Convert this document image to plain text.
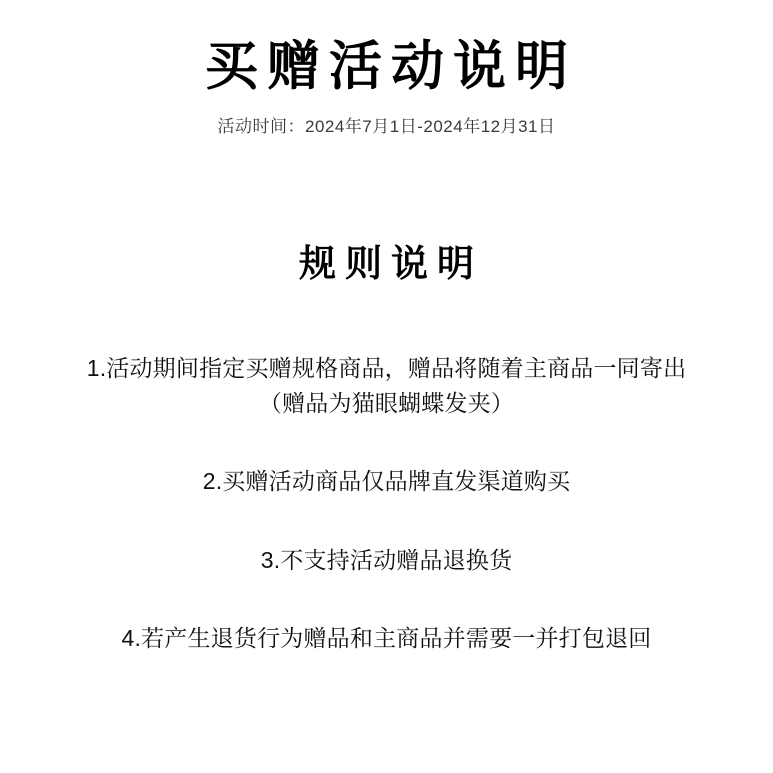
买赠活动说明
活动时间：2024年7月1日-2024年12月31日
规则说明
1.活动期间指定买赠规格商品，赠品将随着主商品一同寄出
（赠品为猫眼蝴蝶发夹）
2.买赠活动商品仅品牌直发渠道购买
3.不支持活动赠品退换货
4.若产生退货行为赠品和主商品并需要一并打包退回
